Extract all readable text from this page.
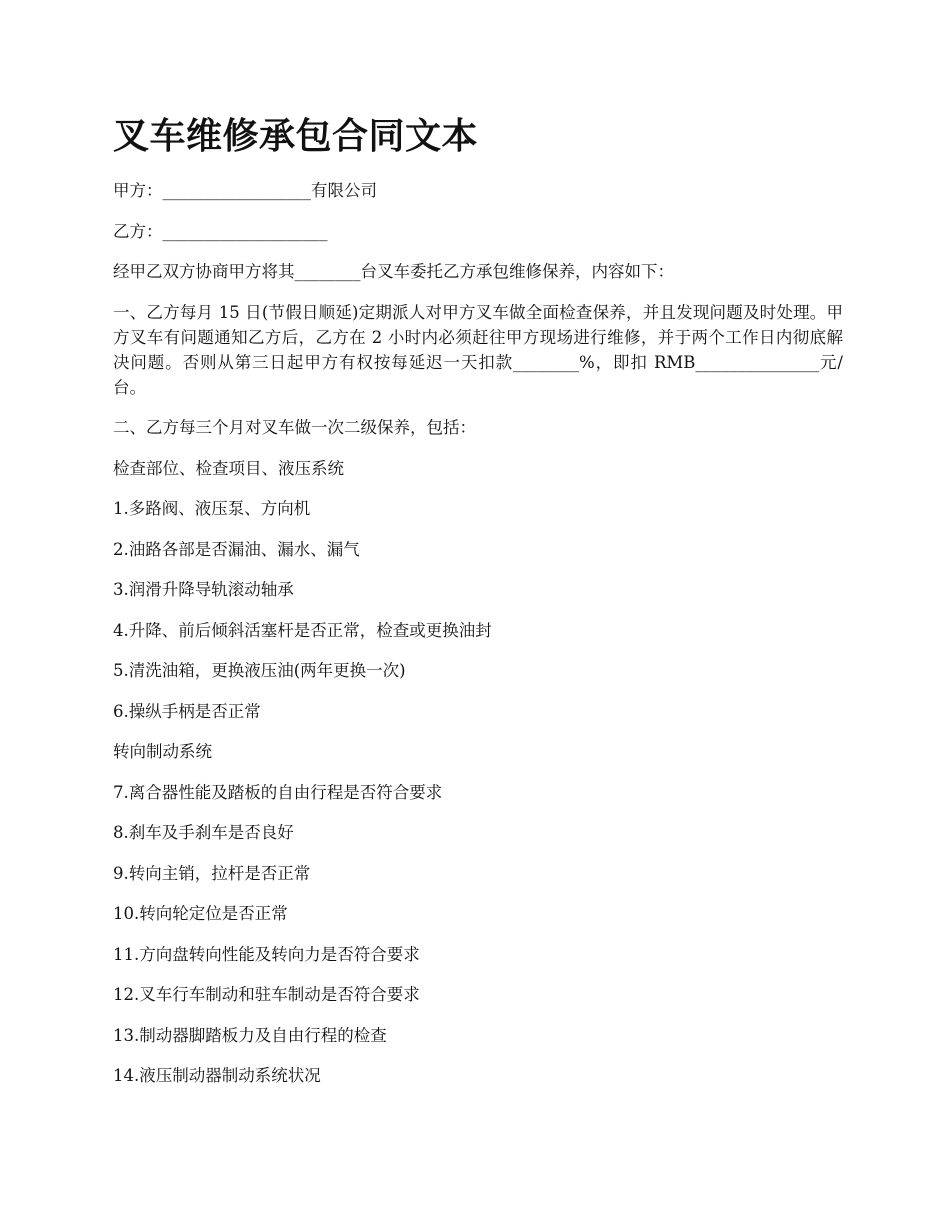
叉车维修承包合同文本

甲方：__________________有限公司

乙方：____________________

经甲乙双方协商甲方将其________台叉车委托乙方承包维修保养，内容如下：

一、乙方每月 15 日(节假日顺延)定期派人对甲方叉车做全面检查保养，并且发现问题及时处理。甲方叉车有问题通知乙方后，乙方在 2 小时内必须赶往甲方现场进行维修，并于两个工作日内彻底解决问题。否则从第三日起甲方有权按每延迟一天扣款________%，即扣 RMB_______________元/台。

二、乙方每三个月对叉车做一次二级保养，包括：

检查部位、检查项目、液压系统

1.多路阀、液压泵、方向机

2.油路各部是否漏油、漏水、漏气

3.润滑升降导轨滚动轴承

4.升降、前后倾斜活塞杆是否正常，检查或更换油封

5.清洗油箱，更换液压油(两年更换一次)

6.操纵手柄是否正常

转向制动系统

7.离合器性能及踏板的自由行程是否符合要求

8.刹车及手刹车是否良好

9.转向主销，拉杆是否正常

10.转向轮定位是否正常

11.方向盘转向性能及转向力是否符合要求

12.叉车行车制动和驻车制动是否符合要求

13.制动器脚踏板力及自由行程的检查

14.液压制动器制动系统状况
